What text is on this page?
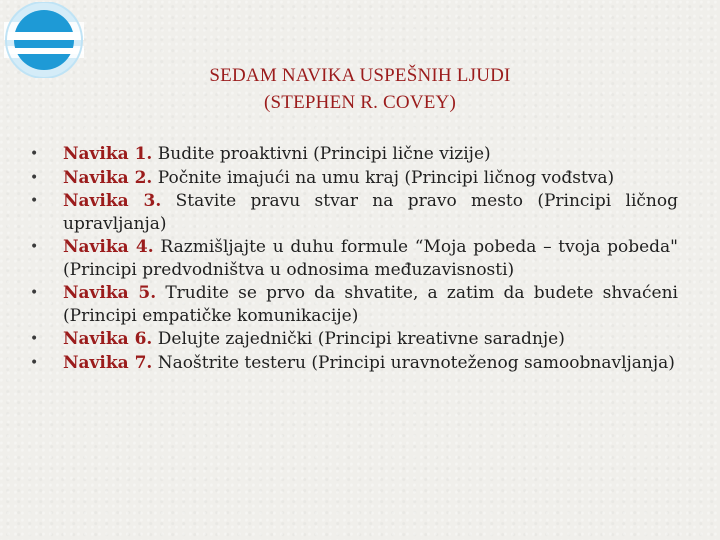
SEDAM NAVIKA USPEŠNIH LJUDI
(STEPHEN R. COVEY)
• Navika 1. Budite proaktivni (Principi lične vizije)
• Navika 2. Počnite imajući na umu kraj (Principi ličnog vođstva)
• Navika 3. Stavite pravu stvar na pravo mesto (Principi ličnog upravljanja)
• Navika 4. Razmišljajte u duhu formule “Moja pobeda – tvoja pobeda" (Principi predvodništva u odnosima međuzavisnosti)
• Navika 5. Trudite se prvo da shvatite, a zatim da budete shvaćeni (Principi empatičke komunikacije)
• Navika 6. Delujte zajednički (Principi kreativne saradnje)
• Navika 7. Naoštrite testeru (Principi uravnoteženog samoobnavljanja)
